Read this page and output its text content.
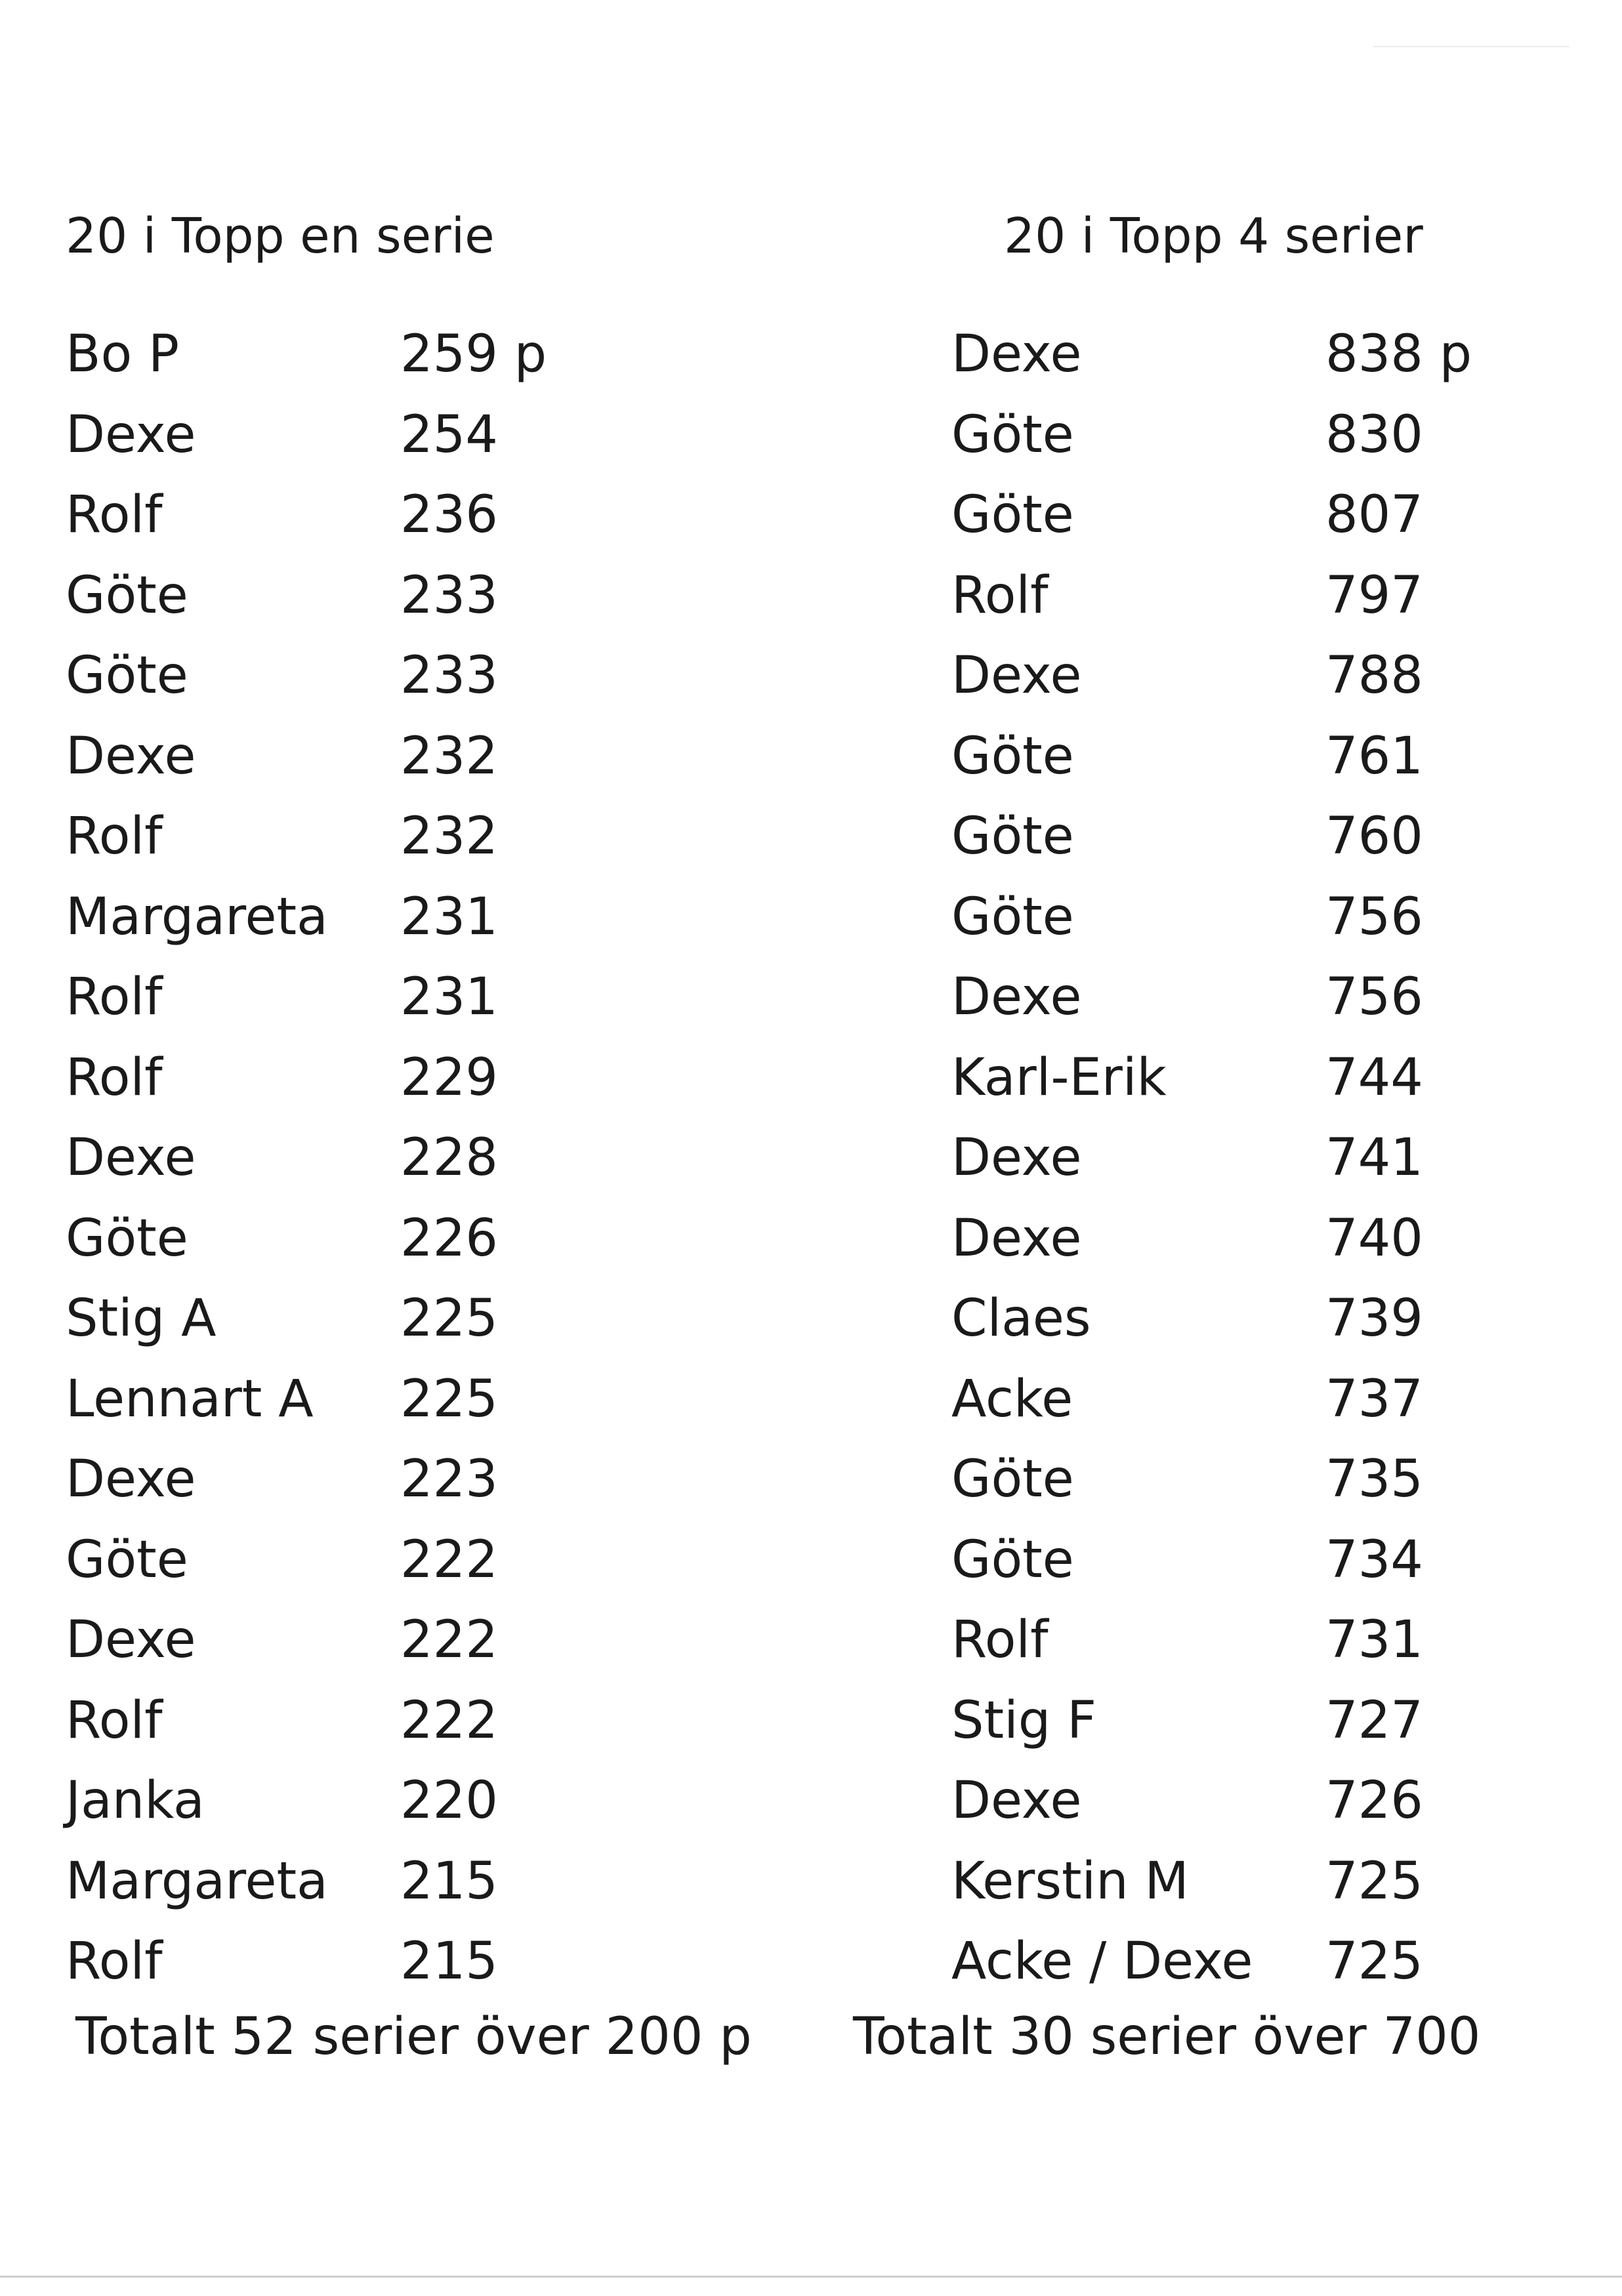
20 i Topp en serie
Bo P	259 p
Dexe	254
Rolf	236
Göte	233
Göte	233
Dexe	232
Rolf	232
Margareta 231
Rolf	231
Rolf	229
Dexe	228
Göte	226
Stig A	225
Lennart A 225
Dexe	223
Göte	222
Dexe	222
Rolf	222
Janka	220
Margareta 215
Rolf	215
Totalt 52 serier över 200 p
20 i Topp 4 serier
Dexe	838 p
Göte	830
Göte	807
Rolf	797
Dexe	788
Göte	761
Göte	760
Göte	756
Dexe	756
Karl-Erik	744
Dexe	741
Dexe	740
Claes	739
Acke	737
Göte	735
Göte	734
Rolf	731
Stig F	727
Dexe	726
Kerstin M	725
Acke / Dexe 725
Totalt 30 serier över 700
